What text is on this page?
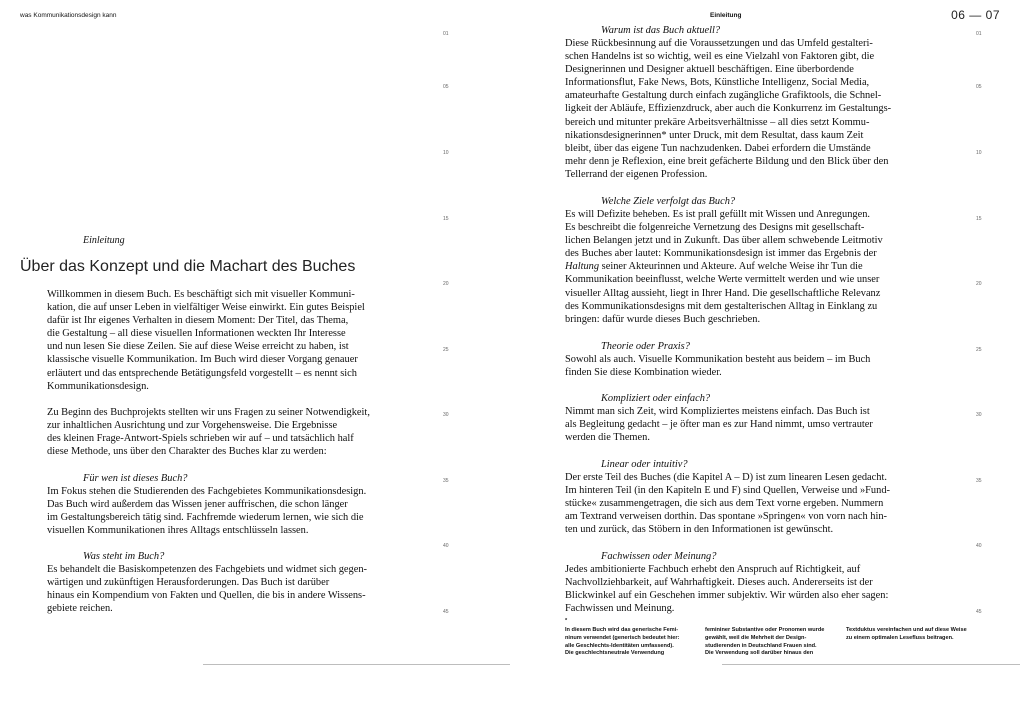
was Kommunikationsdesign kann
01
05
10
15
20
25
30
35
40
45
Einleitung
Über das Konzept und die Machart des Buches
Willkommen in diesem Buch. Es beschäftigt sich mit visueller Kommuni-
kation, die auf unser Leben in vielfältiger Weise einwirkt. Ein gutes Beispiel
dafür ist Ihr eigenes Verhalten in diesem Moment: Der Titel, das Thema,
die Gestaltung – all diese visuellen Informationen weckten Ihr Interesse
und nun lesen Sie diese Zeilen. Sie auf diese Weise erreicht zu haben, ist
klassische visuelle Kommunikation. Im Buch wird dieser Vorgang genauer
erläutert und das entsprechende Betätigungsfeld vorgestellt – es nennt sich
Kommunikationsdesign.
Zu Beginn des Buchprojekts stellten wir uns Fragen zu seiner Notwendigkeit,
zur inhaltlichen Ausrichtung und zur Vorgehensweise. Die Ergebnisse
des kleinen Frage-Antwort-Spiels schrieben wir auf – und tatsächlich half
diese Methode, uns über den Charakter des Buches klar zu werden:
Für wen ist dieses Buch?
Im Fokus stehen die Studierenden des Fachgebietes Kommunikationsdesign.
Das Buch wird außerdem das Wissen jener auffrischen, die schon länger
im Gestaltungsbereich tätig sind. Fachfremde wiederum lernen, wie sich die
visuellen Kommunikationen ihres Alltags entschlüsseln lassen.
Was steht im Buch?
Es behandelt die Basiskompetenzen des Fachgebiets und widmet sich gegen-
wärtigen und zukünftigen Herausforderungen. Das Buch ist darüber
hinaus ein Kompendium von Fakten und Quellen, die bis in andere Wissens-
gebiete reichen.
Einleitung	06 — 07
01
05
10
15
20
25
30
35
40
45
Warum ist das Buch aktuell?
Diese Rückbesinnung auf die Voraussetzungen und das Umfeld gestalteri-
schen Handelns ist so wichtig, weil es eine Vielzahl von Faktoren gibt, die
Designerinnen und Designer aktuell beschäftigen. Eine überbordende
Informationsflut, Fake News, Bots, Künstliche Intelligenz, Social Media,
amateurhafte Gestaltung durch einfach zugängliche Grafiktools, die Schnel-
ligkeit der Abläufe, Effizienzdruck, aber auch die Konkurrenz im Gestaltungs-
bereich und mitunter prekäre Arbeitsverhältnisse – all dies setzt Kommu-
nikationsdesignerinnen* unter Druck, mit dem Resultat, dass kaum Zeit
bleibt, über das eigene Tun nachzudenken. Dabei erfordern die Umstände
mehr denn je Reflexion, eine breit gefächerte Bildung und den Blick über den
Tellerrand der eigenen Profession.
Welche Ziele verfolgt das Buch?
Es will Defizite beheben. Es ist prall gefüllt mit Wissen und Anregungen.
Es beschreibt die folgenreiche Vernetzung des Designs mit gesellschaft-
lichen Belangen jetzt und in Zukunft. Das über allem schwebende Leitmotiv
des Buches aber lautet: Kommunikationsdesign ist immer das Ergebnis der
Haltung seiner Akteurinnen und Akteure. Auf welche Weise ihr Tun die
Kommunikation beeinflusst, welche Werte vermittelt werden und wie unser
visueller Alltag aussieht, liegt in Ihrer Hand. Die gesellschaftliche Relevanz
des Kommunikationsdesigns mit dem gestalterischen Alltag in Einklang zu
bringen: dafür wurde dieses Buch geschrieben.
Theorie oder Praxis?
Sowohl als auch. Visuelle Kommunikation besteht aus beidem – im Buch
finden Sie diese Kombination wieder.
Kompliziert oder einfach?
Nimmt man sich Zeit, wird Kompliziertes meistens einfach. Das Buch ist
als Begleitung gedacht – je öfter man es zur Hand nimmt, umso vertrauter
werden die Themen.
Linear oder intuitiv?
Der erste Teil des Buches (die Kapitel A – D) ist zum linearen Lesen gedacht.
Im hinteren Teil (in den Kapiteln E und F) sind Quellen, Verweise und »Fund-
stücke« zusammengetragen, die sich aus dem Text vorne ergeben. Nummern
am Textrand verweisen dorthin. Das spontane »Springen« von vorn nach hin-
ten und zurück, das Stöbern in den Informationen ist gewünscht.
Fachwissen oder Meinung?
Jedes ambitionierte Fachbuch erhebt den Anspruch auf Richtigkeit, auf
Nachvollziehbarkeit, auf Wahrhaftigkeit. Dieses auch. Andererseits ist der
Blickwinkel auf ein Geschehen immer subjektiv. Wir würden also eher sagen:
Fachwissen und Meinung.
*
In diesem Buch wird das generische Femi-
ninum verwendet (generisch bedeutet hier:
alle Geschlechts-Identitäten umfassend).
Die geschlechtsneutrale Verwendung
femininer Substantive oder Pronomen wurde
gewählt, weil die Mehrheit der Design-
studierenden in Deutschland Frauen sind.
Die Verwendung soll darüber hinaus den
Textduktus vereinfachen und auf diese Weise
zu einem optimalen Lesefluss beitragen.
